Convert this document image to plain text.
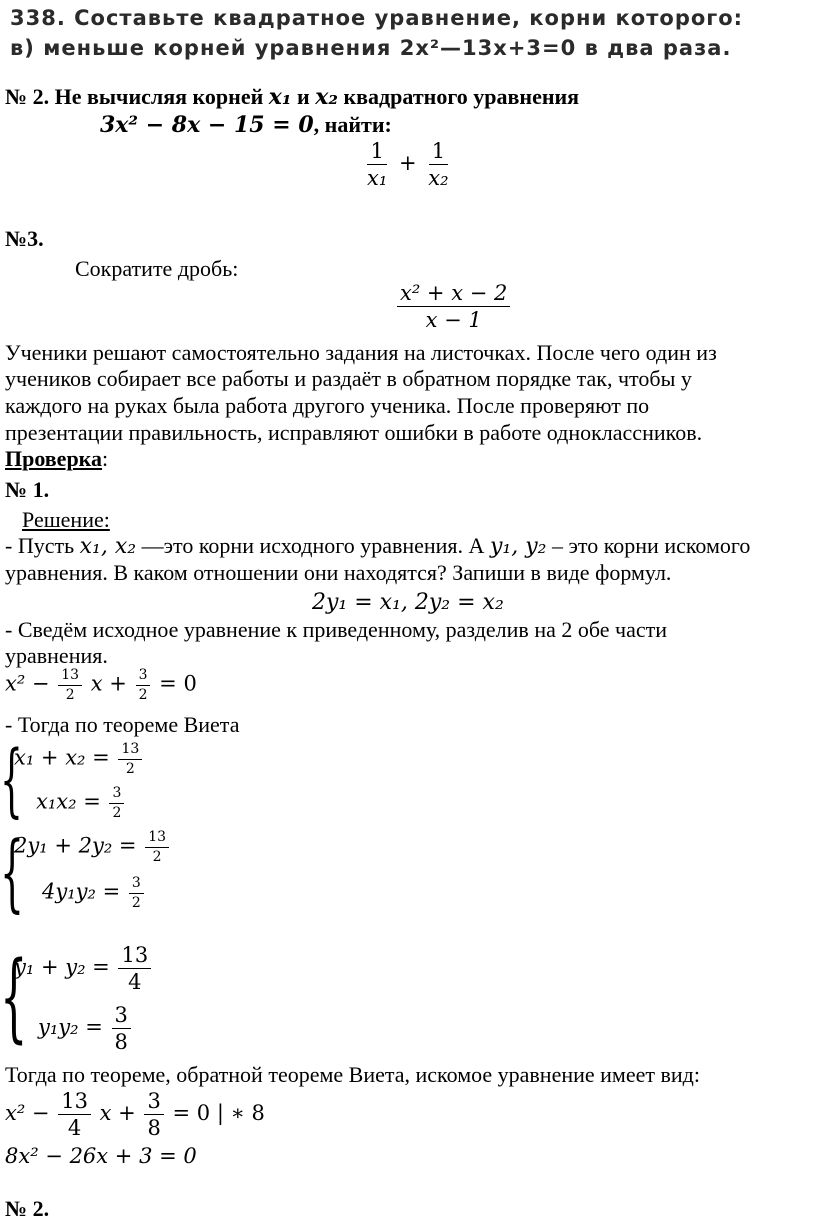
338. Составьте квадратное уравнение, корни которого:
в) меньше корней уравнения 2x²—13x+3=0 в два раза.
№ 2. Не вычисляя корней x₁ и x₂ квадратного уравнения
3x² − 8x − 15 = 0, найти:
$\frac{1}{\text{x₁}} + \frac{1}{\text{x₂}}$
№3.
Сократите дробь:
$\frac{\text{x² + x − 2}}{x - 1}$
Ученики решают самостоятельно задания на листочках. После чего один из
учеников собирает все работы и раздаёт в обратном порядке так, чтобы у
каждого на руках была работа другого ученика. После проверяют по
презентации правильность, исправляют ошибки в работе одноклассников.
Проверка:
№ 1.
Решение:
- Пусть x₁, x₂ —это корни исходного уравнения. А y₁, y₂ – это корни искомого
уравнения. В каком отношении они находятся? Запиши в виде формул.
2y₁ = x₁, 2y₂ = x₂
- Сведём исходное уравнение к приведенному, разделив на 2 обе части
уравнения.
$x^2 - \frac{13}{2}$ $x + \frac{3}{2} = 0$
- Тогда по теореме Виета
{
$x_1 + x_2 = \frac{13}{2}$
$x_1x_2 = \frac{3}{2}$
{
$2y_1 + 2y_2 = \frac{13}{2}$
$4y_1y_2 = \frac{3}{2}$
{
$y_1 + y_2 = \frac{13}{4}$
$y_1y_2 = \frac{3}{8}$
Тогда по теореме, обратной теореме Виета, искомое уравнение имеет вид:
$x^2 - \frac{13}{4}$ $x + \frac{3}{8} = 0$ | ∗ 8
8x² − 26x + 3 = 0
№ 2.
